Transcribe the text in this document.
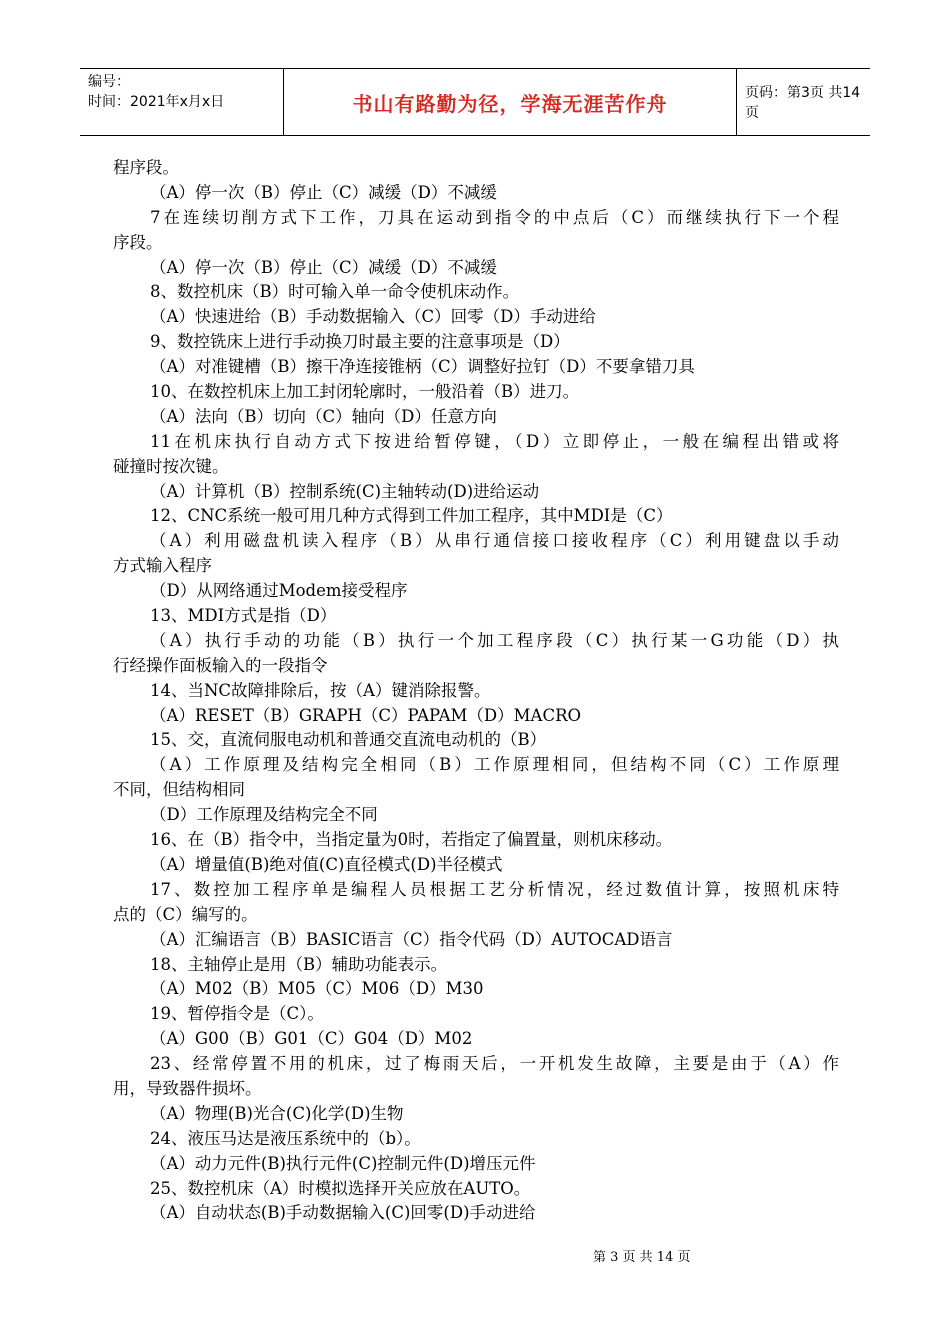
编号：
时间：2021年x月x日	书山有路勤为径，学海无涯苦作舟	页码：第3页 共14页
程序段。
（A）停一次（B）停止（C）减缓（D）不减缓
7在连续切削方式下工作，刀具在运动到指令的中点后（C）而继续执行下一个程
序段。
（A）停一次（B）停止（C）减缓（D）不减缓
8、数控机床（B）时可输入单一命令使机床动作。
（A）快速进给（B）手动数据输入（C）回零（D）手动进给
9、数控铣床上进行手动换刀时最主要的注意事项是（D）
（A）对准键槽（B）擦干净连接锥柄（C）调整好拉钉（D）不要拿错刀具
10、在数控机床上加工封闭轮廓时，一般沿着（B）进刀。
（A）法向（B）切向（C）轴向（D）任意方向
11在机床执行自动方式下按进给暂停键，（D）立即停止，一般在编程出错或将
碰撞时按次键。
（A）计算机（B）控制系统(C)主轴转动(D)进给运动
12、CNC系统一般可用几种方式得到工件加工程序，其中MDI是（C）
（A）利用磁盘机读入程序（B）从串行通信接口接收程序（C）利用键盘以手动
方式输入程序
（D）从网络通过Modem接受程序
13、MDI方式是指（D）
（A）执行手动的功能（B）执行一个加工程序段（C）执行某一G功能（D）执
行经操作面板输入的一段指令
14、当NC故障排除后，按（A）键消除报警。
（A）RESET（B）GRAPH（C）PAPAM（D）MACRO
15、交，直流伺服电动机和普通交直流电动机的（B）
（A）工作原理及结构完全相同（B）工作原理相同，但结构不同（C）工作原理
不同，但结构相同
（D）工作原理及结构完全不同
16、在（B）指令中，当指定量为0时，若指定了偏置量，则机床移动。
（A）增量值(B)绝对值(C)直径模式(D)半径模式
17、数控加工程序单是编程人员根据工艺分析情况，经过数值计算，按照机床特
点的（C）编写的。
（A）汇编语言（B）BASIC语言（C）指令代码（D）AUTOCAD语言
18、主轴停止是用（B）辅助功能表示。
（A）M02（B）M05（C）M06（D）M30
19、暂停指令是（C）。
（A）G00（B）G01（C）G04（D）M02
23、经常停置不用的机床，过了梅雨天后，一开机发生故障，主要是由于（A）作
用，导致器件损坏。
（A）物理(B)光合(C)化学(D)生物
24、液压马达是液压系统中的（b）。
（A）动力元件(B)执行元件(C)控制元件(D)增压元件
25、数控机床（A）时模拟选择开关应放在AUTO。
（A）自动状态(B)手动数据输入(C)回零(D)手动进给
第 3 页 共 14 页
